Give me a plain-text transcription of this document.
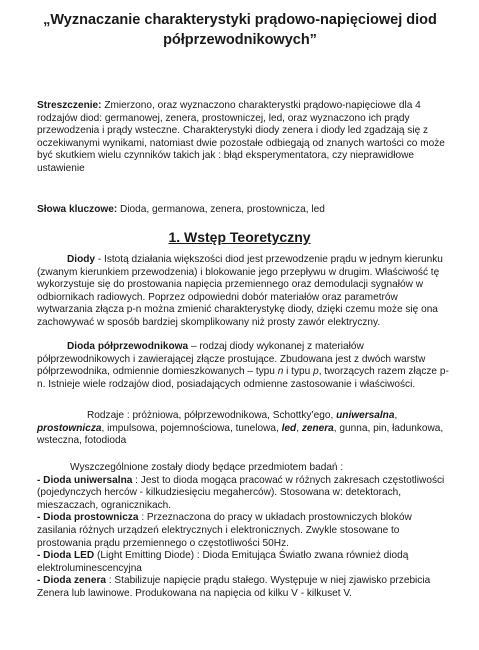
„Wyznaczanie charakterystyki prądowo-napięciowej diod
półprzewodnikowych”
Streszczenie: Zmierzono, oraz wyznaczono charakterystki prądowo-napięciowe dla 4 rodzajów diod: germanowej, zenera, prostowniczej, led, oraz wyznaczono ich prądy przewodzenia i prądy wsteczne. Charakterystyki diody zenera i diody led zgadzają się z oczekiwanymi wynikami, natomiast dwie pozostałe odbiegają od znanych wartości co może być skutkiem wielu czynników takich jak : błąd eksperymentatora, czy nieprawidłowe ustawienie
Słowa kluczowe: Dioda, germanowa, zenera, prostownicza, led
1. Wstęp Teoretyczny
Diody - Istotą działania większości diod jest przewodzenie prądu w jednym kierunku (zwanym kierunkiem przewodzenia) i blokowanie jego przepływu w drugim. Właściwość tę wykorzystuje się do prostowania napięcia przemiennego oraz demodulacji sygnałów w odbiornikach radiowych. Poprzez odpowiedni dobór materiałów oraz parametrów wytwarzania złącza p-n można zmienić charakterystykę diody, dzięki czemu może się ona zachowywać w sposób bardziej skomplikowany niż prosty zawór elektryczny.
Dioda półprzewodnikowa – rodzaj diody wykonanej z materiałów półprzewodnikowych i zawierającej złącze prostujące. Zbudowana jest z dwóch warstw półprzewodnika, odmiennie domieszkowanych – typu n i typu p, tworzących razem złącze p-n. Istnieje wiele rodzajów diod, posiadających odmienne zastosowanie i właściwości.
Rodzaje : próżniowa, półprzewodnikowa, Schottky’ego, uniwersalna, prostownicza, impulsowa, pojemnościowa, tunelowa, led, zenera, gunna, pin, ładunkowa, wsteczna, fotodioda
Wyszczególnione zostały diody będące przedmiotem badań :
- Dioda uniwersalna : Jest to dioda mogąca pracować w różnych zakresach częstotliwości (pojedynczych herców - kilkudziesięciu megaherców). Stosowana w: detektorach, mieszaczach, ogranicznikach.
- Dioda prostownicza : Przeznaczona do pracy w układach prostowniczych bloków zasilania różnych urządzeń elektrycznych i elektronicznych. Zwykle stosowane to prostowania prądu przemiennego o częstotliwości 50Hz.
- Dioda LED (Light Emitting Diode) : Dioda Emitująca Światło zwana również diodą elektroluminescencyjna
- Dioda zenera : Stabilizuje napięcie prądu stałego. Występuje w niej zjawisko przebicia Zenera lub lawinowe. Produkowana na napięcia od kilku V - kilkuset V.
